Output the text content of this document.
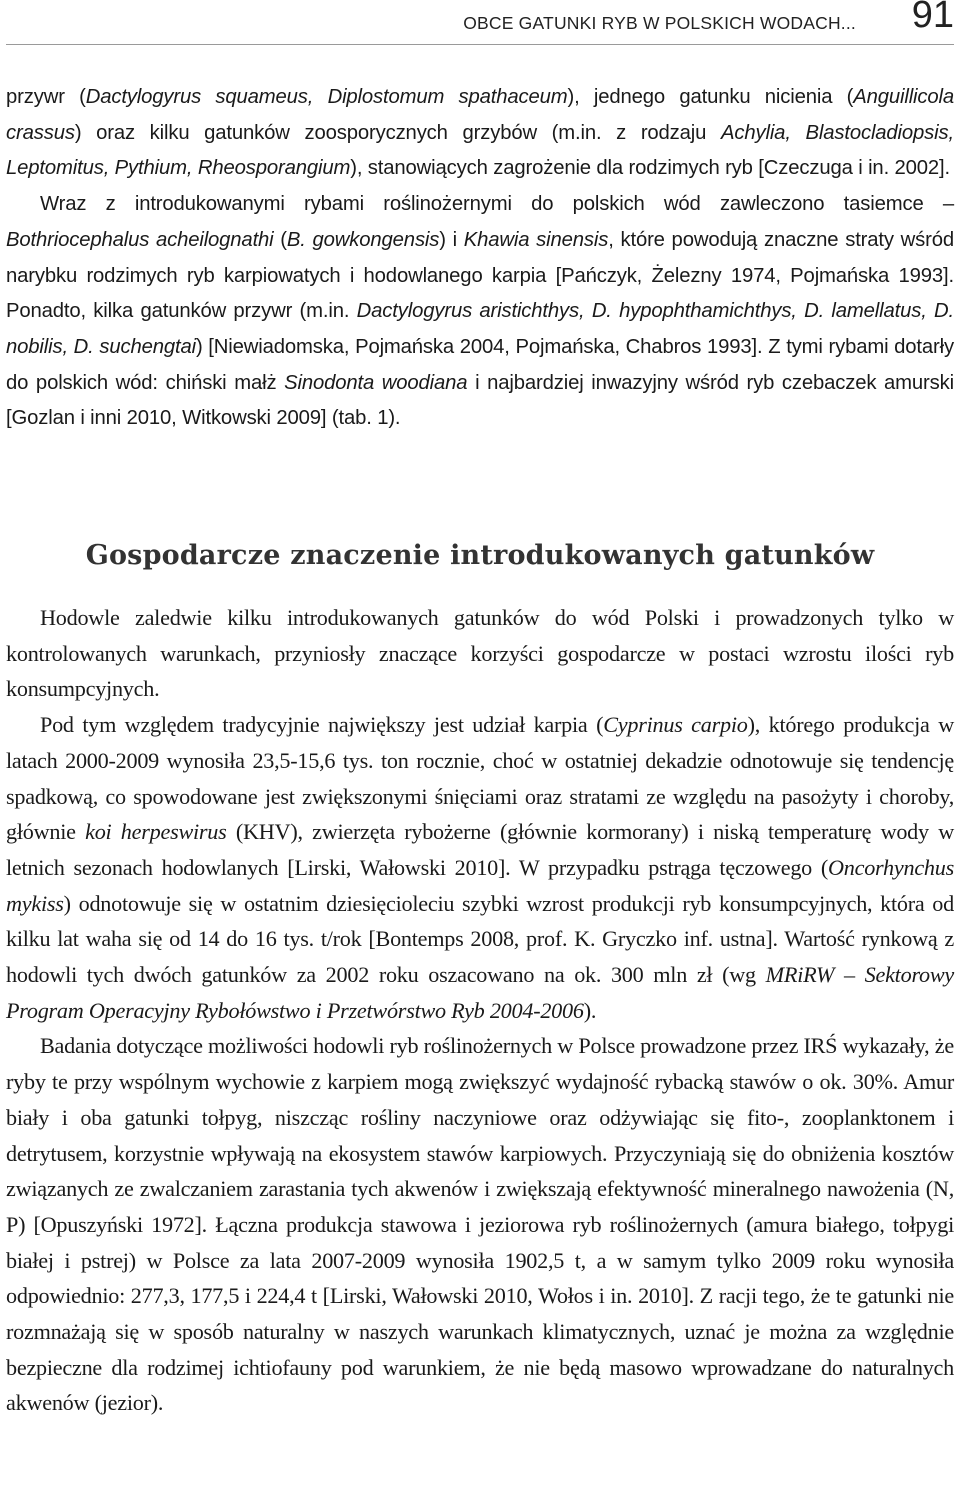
OBCE GATUNKI RYB W POLSKICH WODACH... 91

przywr (Dactylogyrus squameus, Diplostomum spathaceum), jednego gatunku nicienia (Anguillicola crassus) oraz kilku gatunków zoosporycznych grzybów (m.in. z rodzaju Achylia, Blastocladiopsis, Leptomitus, Pythium, Rheosporangium), stanowiących zagrożenie dla rodzimych ryb [Czeczuga i in. 2002].

Wraz z introdukowanymi rybami roślinożernymi do polskich wód zawleczono tasiemce – Bothriocephalus acheilognathi (B. gowkongensis) i Khawia sinensis, które powodują znaczne straty wśród narybku rodzimych ryb karpiowatych i hodowlanego karpia [Pańczyk, Żelezny 1974, Pojmańska 1993]. Ponadto, kilka gatunków przywr (m.in. Dactylogyrus aristichthys, D. hypophthamichthys, D. lamellatus, D. nobilis, D. suchengtai) [Niewiadomska, Pojmańska 2004, Pojmańska, Chabros 1993]. Z tymi rybami dotarły do polskich wód: chiński małż Sinodonta woodiana i najbardziej inwazyjny wśród ryb czebaczek amurski [Gozlan i inni 2010, Witkowski 2009] (tab. 1).

Gospodarcze znaczenie introdukowanych gatunków

Hodowle zaledwie kilku introdukowanych gatunków do wód Polski i prowadzonych tylko w kontrolowanych warunkach, przyniosły znaczące korzyści gospodarcze w postaci wzrostu ilości ryb konsumpcyjnych.

Pod tym względem tradycyjnie największy jest udział karpia (Cyprinus carpio), którego produkcja w latach 2000-2009 wynosiła 23,5-15,6 tys. ton rocznie, choć w ostatniej dekadzie odnotowuje się tendencję spadkową, co spowodowane jest zwiększonymi śnięciami oraz stratami ze względu na pasożyty i choroby, głównie koi herpeswirus (KHV), zwierzęta rybożerne (głównie kormorany) i niską temperaturę wody w letnich sezonach hodowlanych [Lirski, Wałowski 2010]. W przypadku pstrąga tęczowego (Oncorhynchus mykiss) odnotowuje się w ostatnim dziesięcioleciu szybki wzrost produkcji ryb konsumpcyjnych, która od kilku lat waha się od 14 do 16 tys. t/rok [Bontemps 2008, prof. K. Gryczko inf. ustna]. Wartość rynkową z hodowli tych dwóch gatunków za 2002 roku oszacowano na ok. 300 mln zł (wg MRiRW – Sektorowy Program Operacyjny Rybołówstwo i Przetwórstwo Ryb 2004-2006).

Badania dotyczące możliwości hodowli ryb roślinożernych w Polsce prowadzone przez IRŚ wykazały, że ryby te przy wspólnym wychowie z karpiem mogą zwiększyć wydajność rybacką stawów o ok. 30%. Amur biały i oba gatunki tołpyg, niszcząc rośliny naczyniowe oraz odżywiając się fito-, zooplanktonem i detrytusem, korzystnie wpływają na ekosystem stawów karpiowych. Przyczyniają się do obniżenia kosztów związanych ze zwalczaniem zarastania tych akwenów i zwiększają efektywność mineralnego nawożenia (N, P) [Opuszyński 1972]. Łączna produkcja stawowa i jeziorowa ryb roślinożernych (amura białego, tołpygi białej i pstrej) w Polsce za lata 2007-2009 wynosiła 1902,5 t, a w samym tylko 2009 roku wynosiła odpowiednio: 277,3, 177,5 i 224,4 t [Lirski, Wałowski 2010, Wołos i in. 2010]. Z racji tego, że te gatunki nie rozmnażają się w sposób naturalny w naszych warunkach klimatycznych, uznać je można za względnie bezpieczne dla rodzimej ichtiofauny pod warunkiem, że nie będą masowo wprowadzane do naturalnych akwenów (jezior).
